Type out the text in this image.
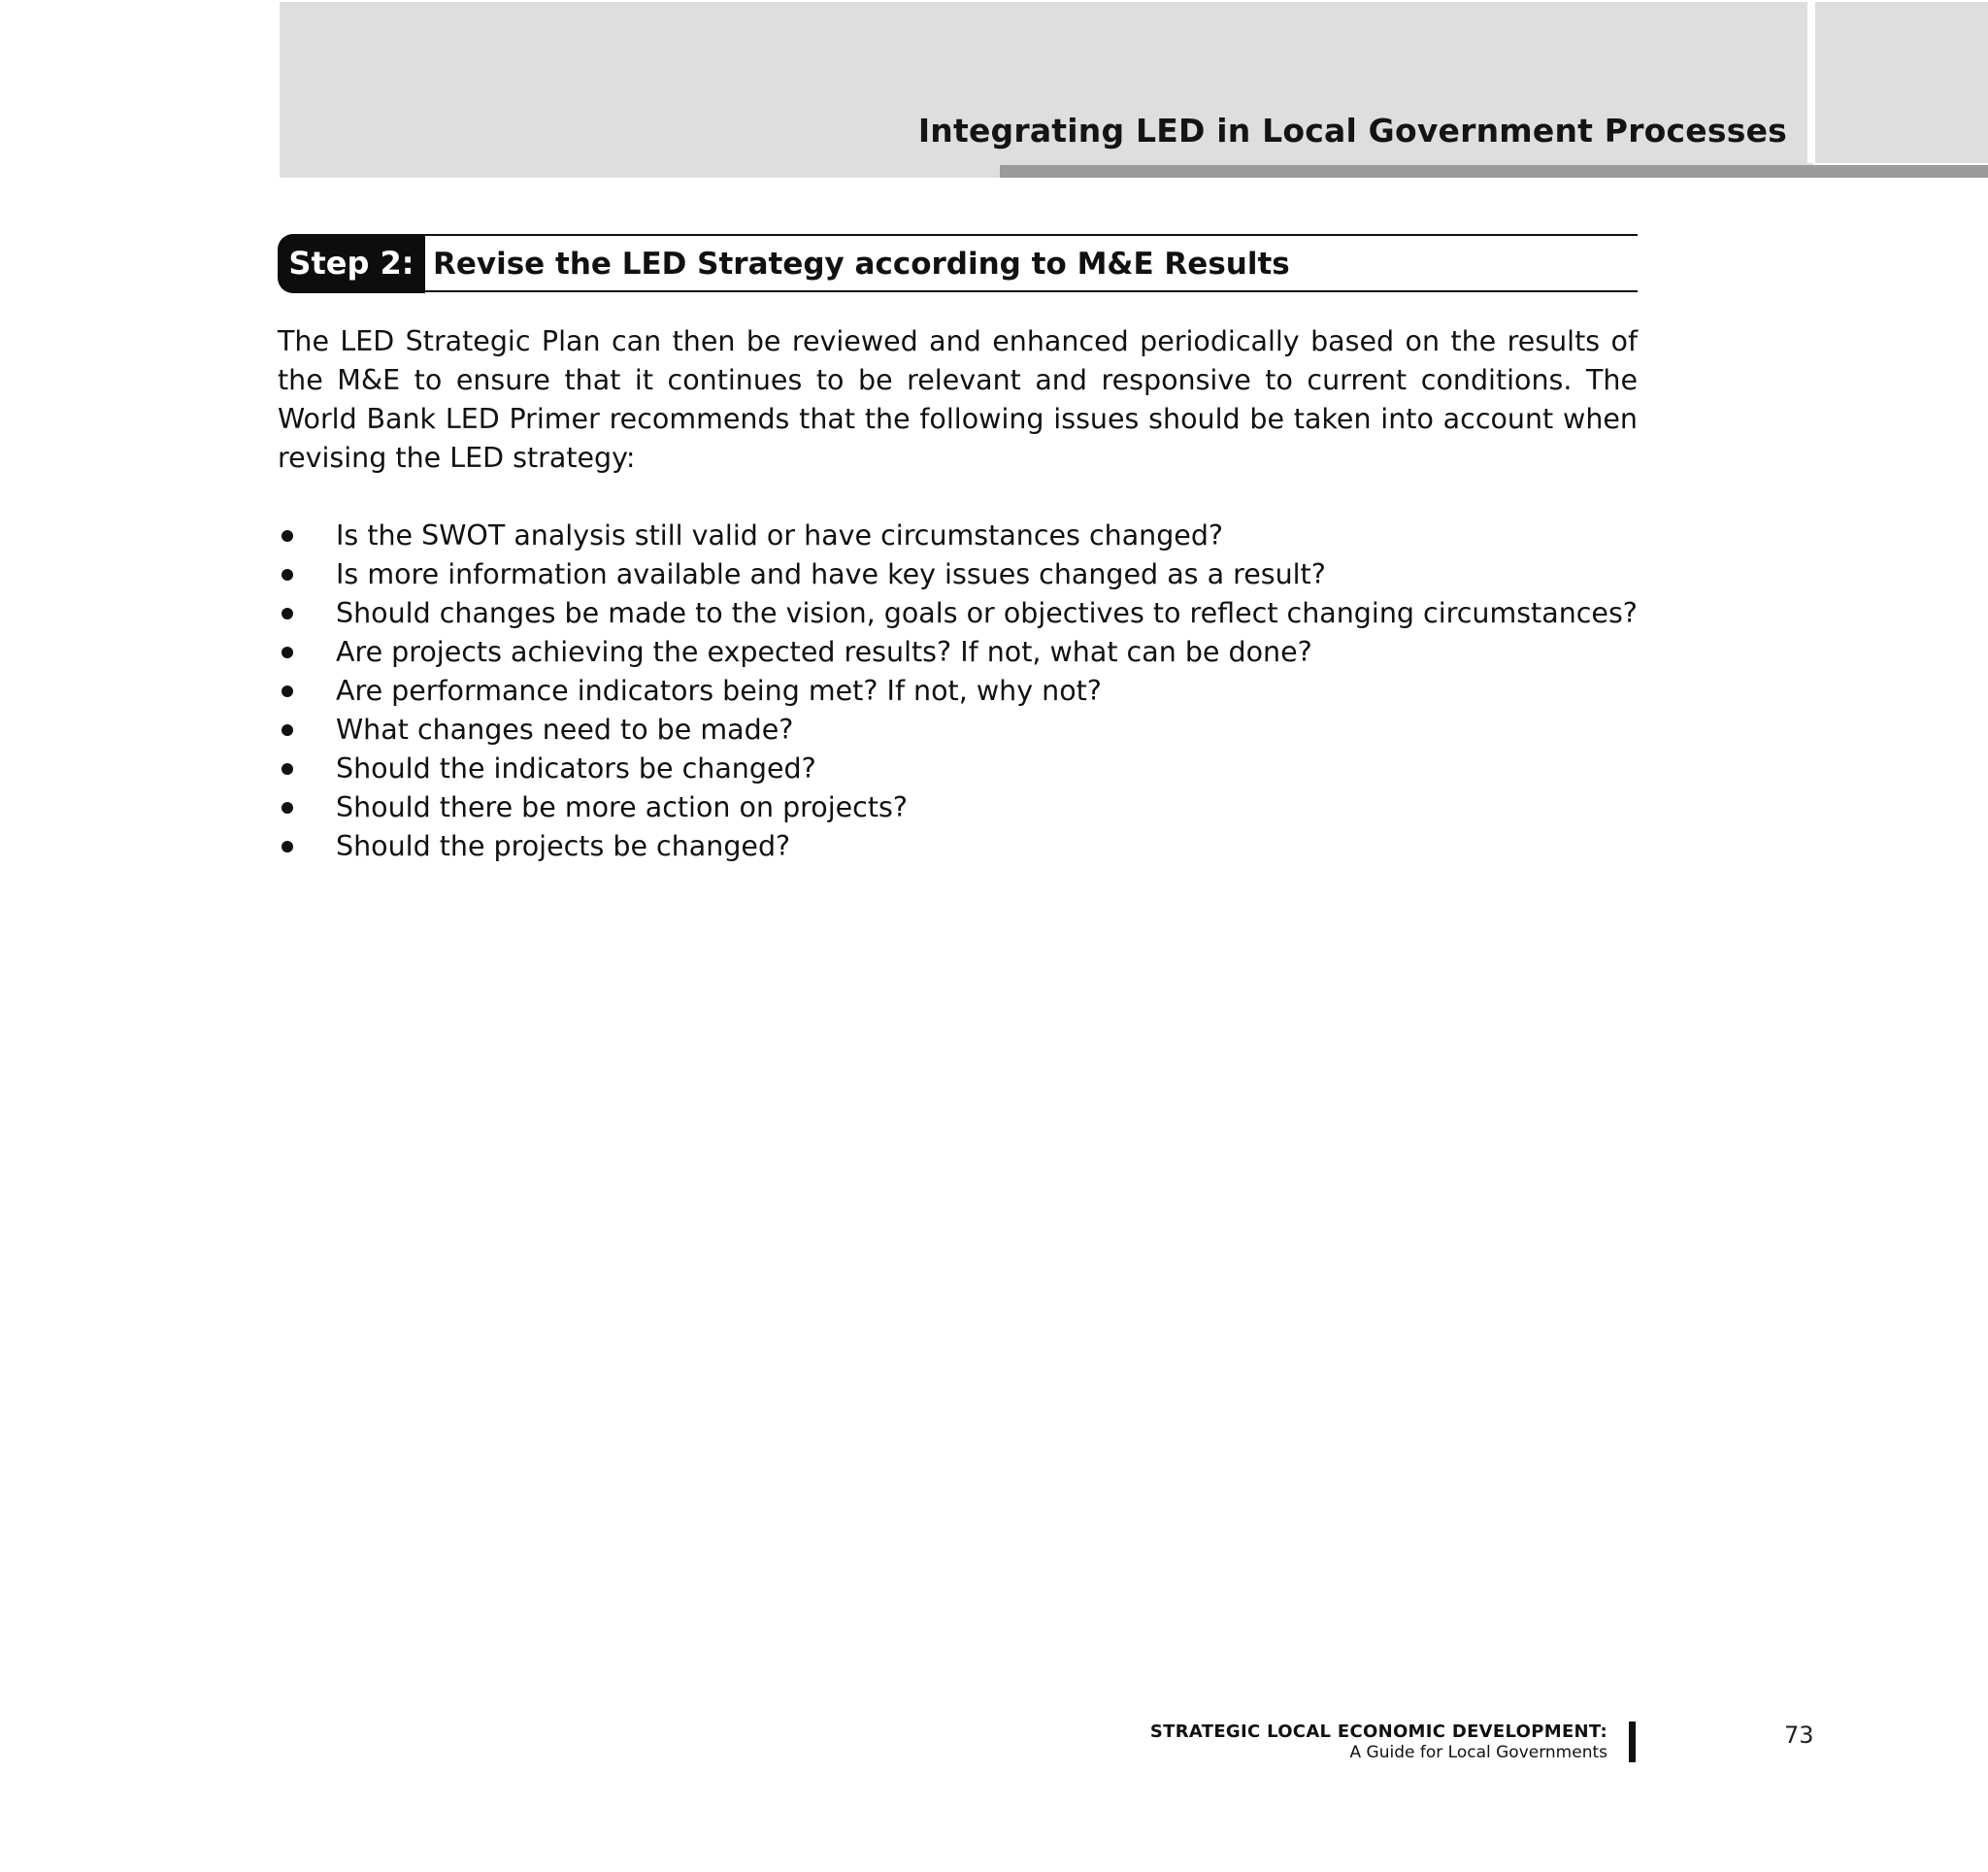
Integrating LED in Local Government Processes
Step 2: Revise the LED Strategy according to M&E Results

The LED Strategic Plan can then be reviewed and enhanced periodically based on the results of the M&E to ensure that it continues to be relevant and responsive to current conditions. The World Bank LED Primer recommends that the following issues should be taken into account when revising the LED strategy:

Is the SWOT analysis still valid or have circumstances changed?
Is more information available and have key issues changed as a result?
Should changes be made to the vision, goals or objectives to reflect changing circumstances?
Are projects achieving the expected results? If not, what can be done?
Are performance indicators being met? If not, why not?
What changes need to be made?
Should the indicators be changed?
Should there be more action on projects?
Should the projects be changed?
STRATEGIC LOCAL ECONOMIC DEVELOPMENT:
A Guide for Local Governments
73
